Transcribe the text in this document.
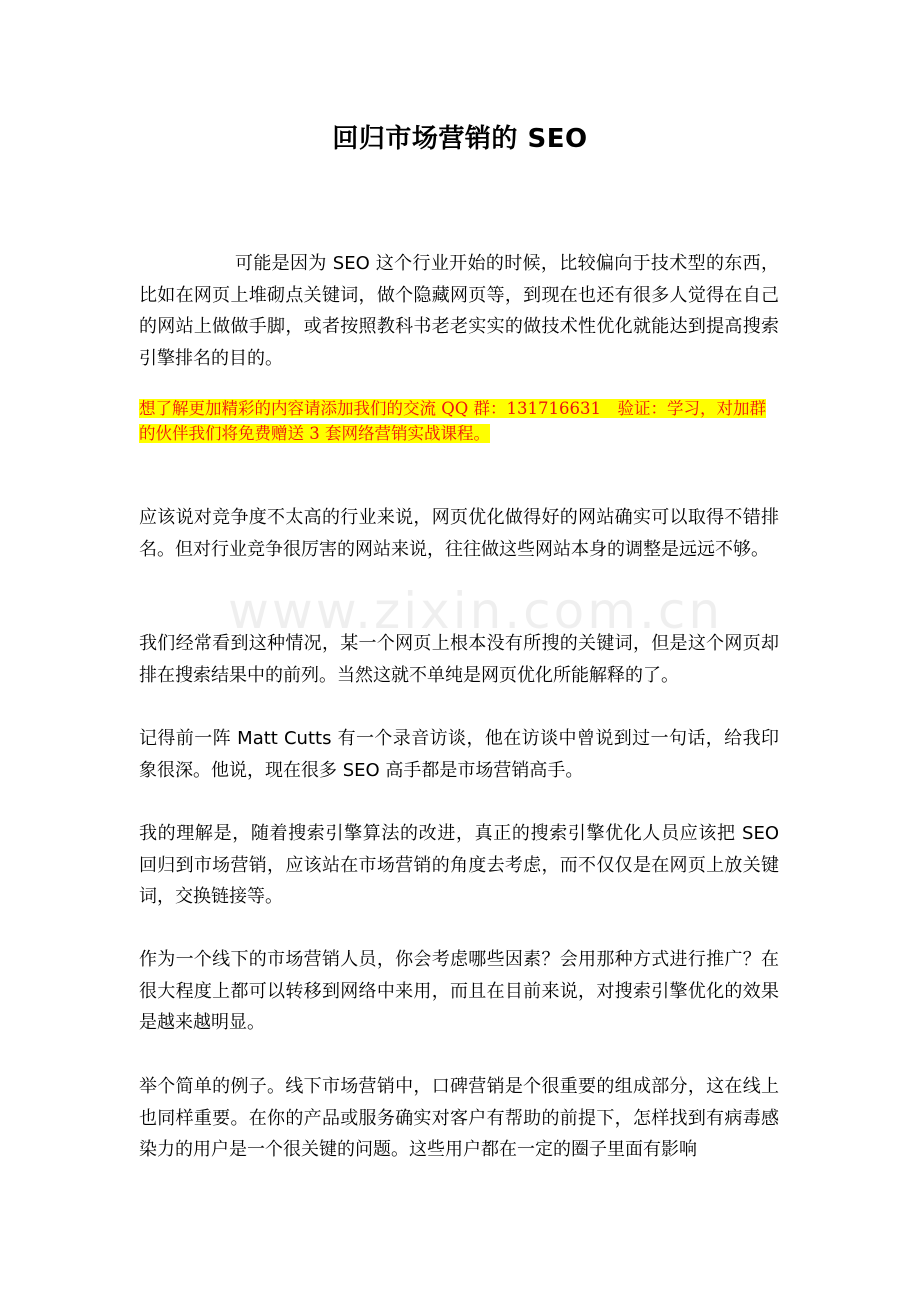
回归市场营销的 SEO

可能是因为 SEO 这个行业开始的时候，比较偏向于技术型的东西，比如在网页上堆砌点关键词，做个隐藏网页等，到现在也还有很多人觉得在自己的网站上做做手脚，或者按照教科书老老实实的做技术性优化就能达到提高搜索引擎排名的目的。

想了解更加精彩的内容请添加我们的交流 QQ 群：131716631　验证：学习，对加群的伙伴我们将免费赠送 3 套网络营销实战课程。

应该说对竞争度不太高的行业来说，网页优化做得好的网站确实可以取得不错排名。但对行业竞争很厉害的网站来说，往往做这些网站本身的调整是远远不够。

我们经常看到这种情况，某一个网页上根本没有所搜的关键词，但是这个网页却排在搜索结果中的前列。当然这就不单纯是网页优化所能解释的了。

记得前一阵 Matt Cutts 有一个录音访谈，他在访谈中曾说到过一句话，给我印象很深。他说，现在很多 SEO 高手都是市场营销高手。

我的理解是，随着搜索引擎算法的改进，真正的搜索引擎优化人员应该把 SEO 回归到市场营销，应该站在市场营销的角度去考虑，而不仅仅是在网页上放关键词，交换链接等。

作为一个线下的市场营销人员，你会考虑哪些因素？会用那种方式进行推广？在很大程度上都可以转移到网络中来用，而且在目前来说，对搜索引擎优化的效果是越来越明显。

举个简单的例子。线下市场营销中，口碑营销是个很重要的组成部分，这在线上也同样重要。在你的产品或服务确实对客户有帮助的前提下，怎样找到有病毒感染力的用户是一个很关键的问题。这些用户都在一定的圈子里面有影响

www.zixin.com.cn
